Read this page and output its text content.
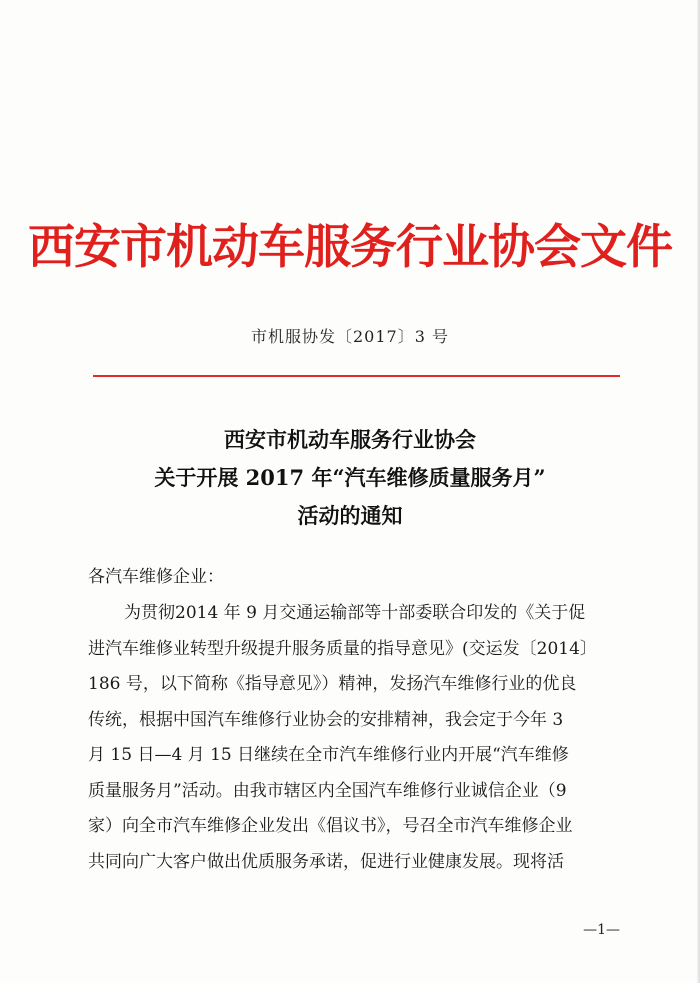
西安市机动车服务行业协会文件
市机服协发〔2017〕3 号
西安市机动车服务行业协会
关于开展 2017 年“汽车维修质量服务月”
活动的通知
各汽车维修企业：
为贯彻2014 年 9 月交通运输部等十部委联合印发的《关于促
进汽车维修业转型升级提升服务质量的指导意见》(交运发〔2014〕
186 号，以下简称《指导意见》）精神，发扬汽车维修行业的优良
传统，根据中国汽车维修行业协会的安排精神，我会定于今年 3
月 15 日—4 月 15 日继续在全市汽车维修行业内开展“汽车维修
质量服务月”活动。由我市辖区内全国汽车维修行业诚信企业（9
家）向全市汽车维修企业发出《倡议书》，号召全市汽车维修企业
共同向广大客户做出优质服务承诺，促进行业健康发展。现将活
—1—
